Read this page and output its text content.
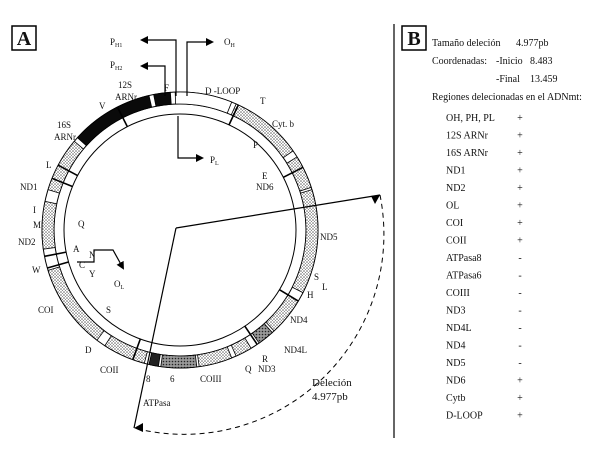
A
Deleción
4.977pb
$P_{H2}$
$P_{H1}$	$O_H$
12S
ARNr
F	D -LOOP
T
Cyt. b
V
16S
ARNr
$P_L$
P
E
ND6
L
ND1
I
M	Q
ND2
A
N
C
Y
W
$O_L$
ND5
S
L
H
COI	S
ND4
ND4L
D
R
Q ND3
COII
COIII
8 6
ATPasa
B Tamaño deleción 4.977pb
Coordenadas: -Inicio 8.483
-Final 13.459
Regiones delecionadas en el ADNmt:
OH, PH, PL +
12S ARNr	+
16S ARNr	+
ND1	+
ND2	+
OL	+
COI	+
COII	+
ATPasa8	-
ATPasa6	-
COIII	-
ND3	-
ND4L	-
ND4	-
ND5	-
ND6	+
Cytb	+
D-LOOP	+
